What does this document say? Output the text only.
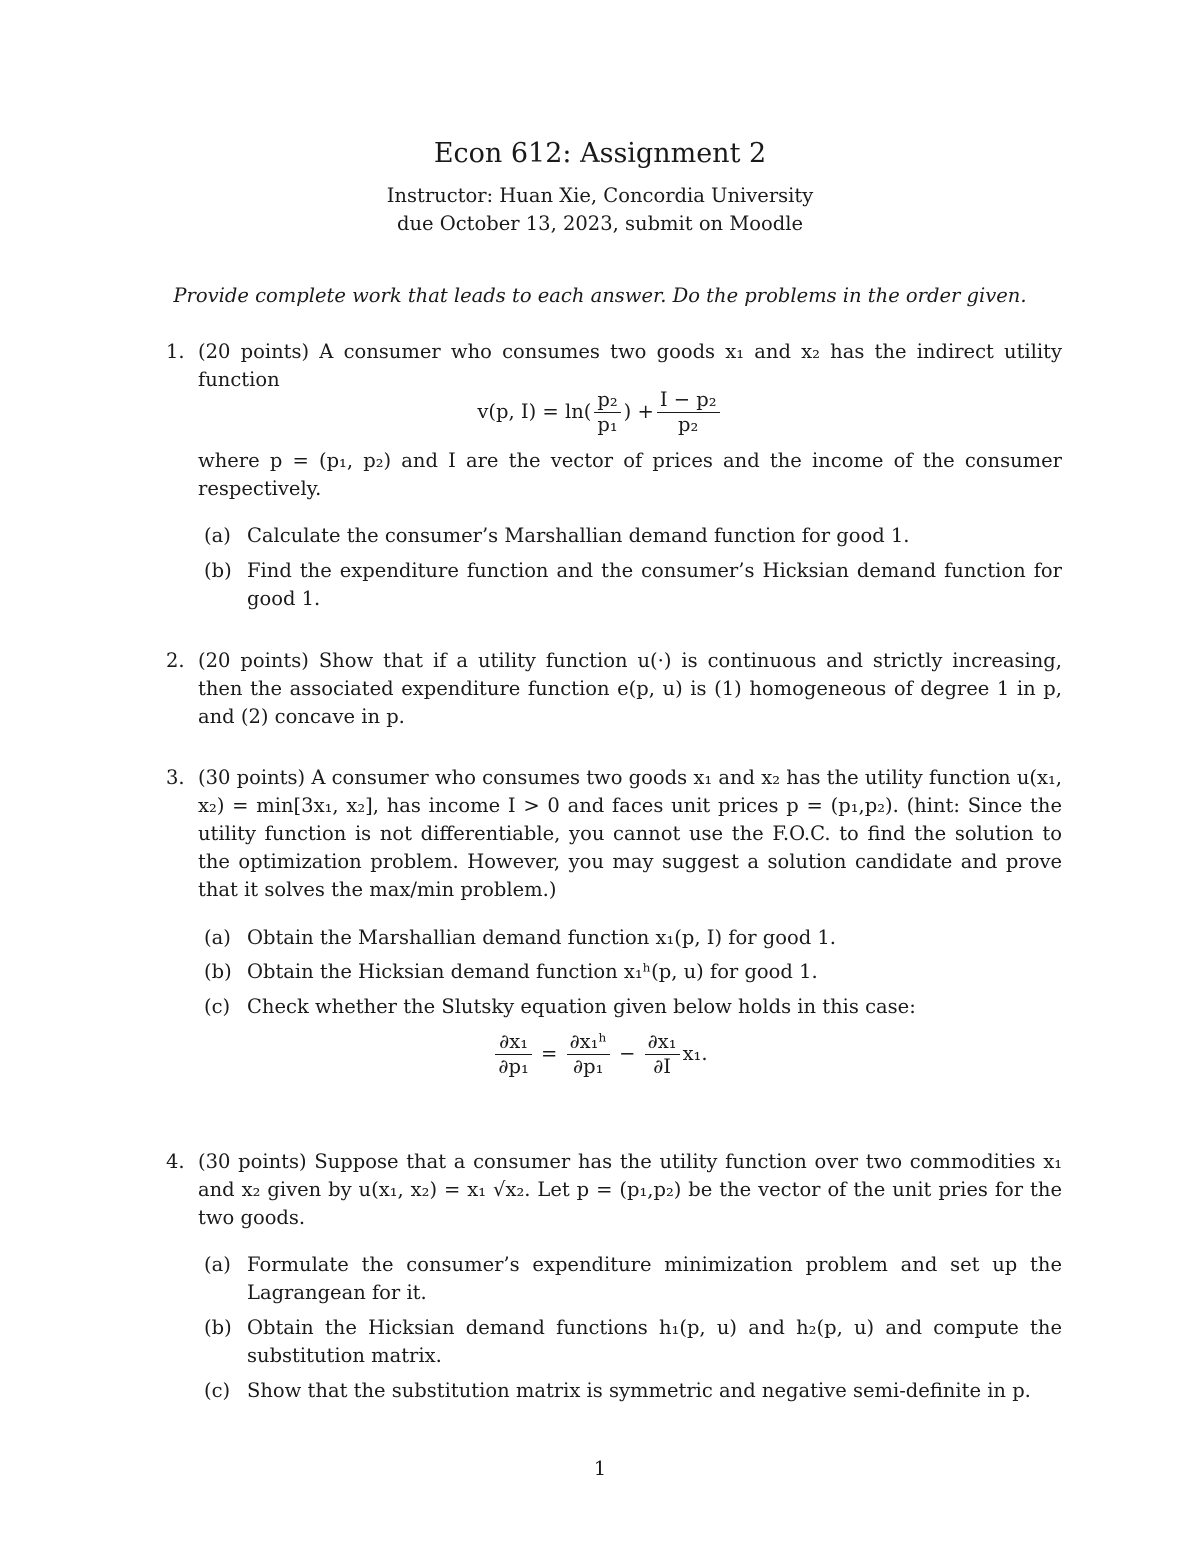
Econ 612: Assignment 2
Instructor: Huan Xie, Concordia University
due October 13, 2023, submit on Moodle
Provide complete work that leads to each answer. Do the problems in the order given.
1. (20 points) A consumer who consumes two goods x₁ and x₂ has the indirect utility function
v(p, $I) = \ln( \frac{\text{p₂}}{\text{p₁}}$ ) + $\frac{\text{I − p₂}}{\text{p₂}}$
where p = (p₁, p₂) and I are the vector of prices and the income of the consumer respectively.
(a) Calculate the consumer’s Marshallian demand function for good 1.
(b) Find the expenditure function and the consumer’s Hicksian demand function for good 1.
2. (20 points) Show that if a utility function u(·) is continuous and strictly increasing, then the associated expenditure function e(p, u) is (1) homogeneous of degree 1 in p, and (2) concave in p.
3. (30 points) A consumer who consumes two goods x₁ and x₂ has the utility function u(x₁, x₂) = min[3x₁, x₂], has income I > 0 and faces unit prices p = (p₁,p₂). (hint: Since the utility function is not differentiable, you cannot use the F.O.C. to find the solution to the optimization problem. However, you may suggest a solution candidate and prove that it solves the max/min problem.)
(a) Obtain the Marshallian demand function x₁(p, I) for good 1.
(b) Obtain the Hicksian demand function x₁ʰ(p, u) for good 1.
(c) Check whether the Slutsky equation given below holds in this case:
$\frac{\text{∂x₁}}{\text{∂p₁}} = \frac{\text{∂x₁ʰ}}{\text{∂p₁}} - \frac{\text{∂x₁}}{\partial I} x_1$.
4. (30 points) Suppose that a consumer has the utility function over two commodities x₁ and x₂ given by u(x₁, x₂) = x₁ √x₂. Let p = (p₁,p₂) be the vector of the unit pries for the two goods.
(a) Formulate the consumer’s expenditure minimization problem and set up the Lagrangean for it.
(b) Obtain the Hicksian demand functions h₁(p, u) and h₂(p, u) and compute the substitution matrix.
(c) Show that the substitution matrix is symmetric and negative semi-definite in p.
1
